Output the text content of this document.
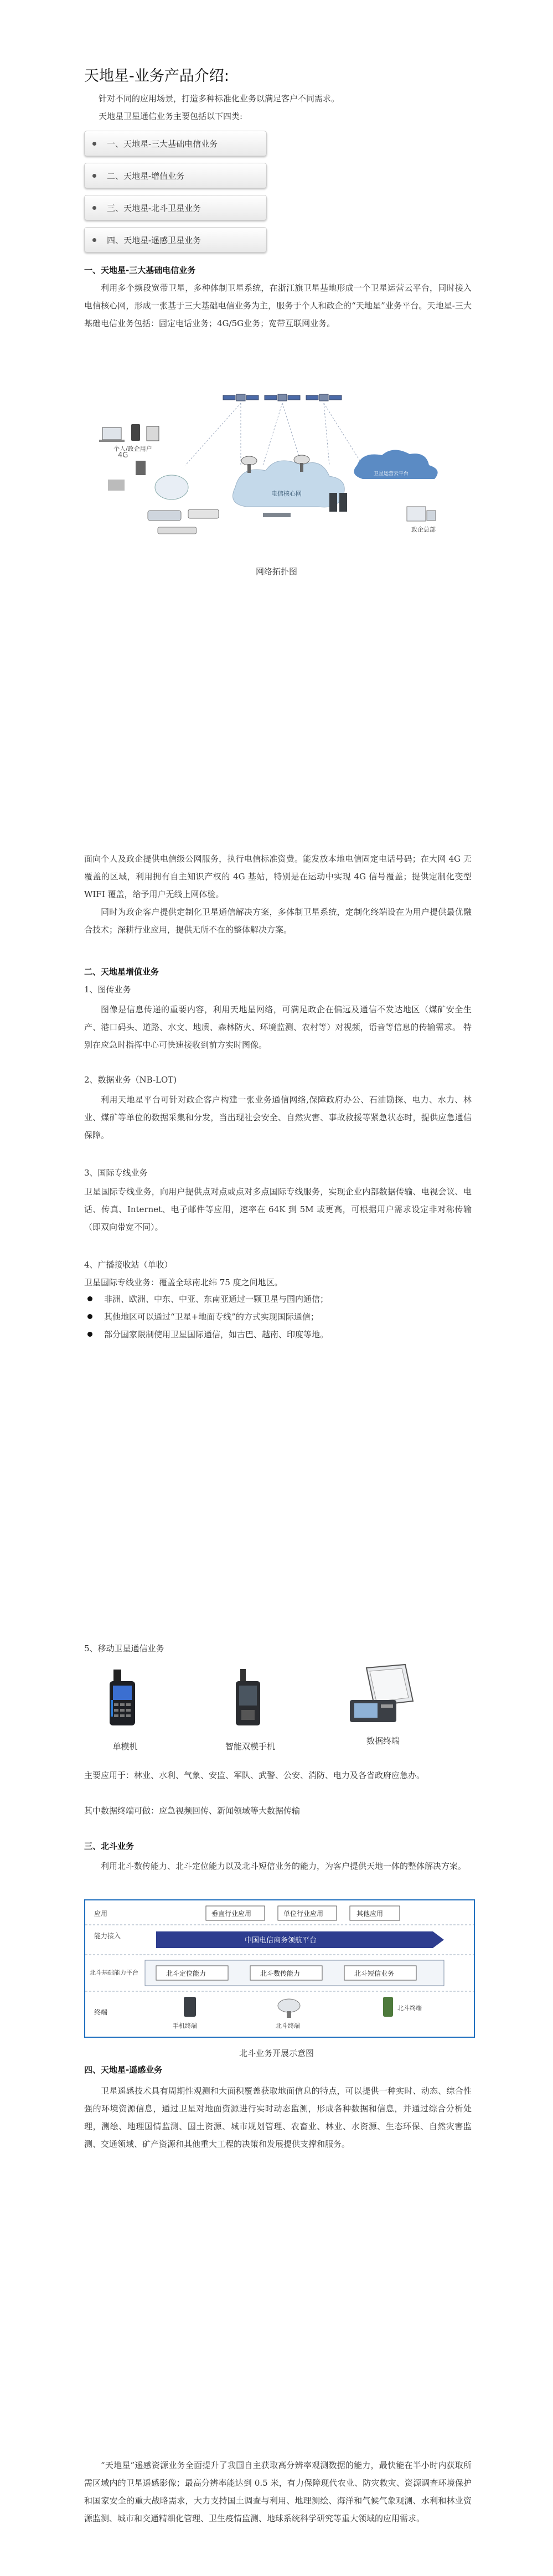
天地星-业务产品介绍:

针对不同的应用场景，打造多种标准化业务以满足客户不同需求。

天地星卫星通信业务主要包括以下四类:

一、天地星-三大基础电信业务
二、天地星-增值业务
三、天地星-北斗卫星业务
四、天地星-遥感卫星业务
一、天地星-三大基础电信业务

利用多个频段宽带卫星，多种体制卫星系统，在浙江旗卫星基地形成一个卫星运营云平台，同时接入电信核心网，形成一张基于三大基础电信业务为主，服务于个人和政企的“天地星”业务平台。天地星-三大基础电信业务包括：固定电话业务；4G/5G业务；宽带互联网业务。

4G
个人/政企用户
电信核心网
卫星运营云平台
政企总部
网络拓扑图

面向个人及政企提供电信级公网服务，执行电信标准资费。能发放本地电信固定电话号码；在大网 4G 无覆盖的区域，利用拥有自主知识产权的 4G 基站，特别是在运动中实现 4G 信号覆盖；提供定制化变型 WIFI 覆盖，给予用户无线上网体验。

同时为政企客户提供定制化卫星通信解决方案，多体制卫星系统，定制化终端设在为用户提供最优融合技术；深耕行业应用，提供无所不在的整体解决方案。

二、天地星增值业务

1、图传业务

图像是信息传递的重要内容，利用天地星网络，可满足政企在偏远及通信不发达地区（煤矿安全生产、港口码头、道路、水文、地质、森林防火、环境监测、农村等）对视频，语音等信息的传输需求。 特别在应急时指挥中心可快速接收到前方实时图像。

2、数据业务（NB-LOT)

利用天地星平台可针对政企客户构建一张业务通信网络,保障政府办公、石油勘探、电力、水力、林业、煤矿等单位的数据采集和分发，当出现社会安全、自然灾害、事故救援等紧急状态时，提供应急通信保障。

3、国际专线业务

卫星国际专线业务，向用户提供点对点或点对多点国际专线服务，实现企业内部数据传输、电视会议、电话、传真、Internet、电子邮件等应用，速率在 64K 到 5M 或更高，可根据用户需求设定非对称传输（即双向带宽不同）。

4、广播接收站（单收）

卫星国际专线业务：覆盖全球南北纬 75 度之间地区。

非洲、欧洲、中东、中亚、东南亚通过一颗卫星与国内通信；
其他地区可以通过“卫星+地面专线”的方式实现国际通信；
部分国家限制使用卫星国际通信，如古巴、越南、印度等地。

5、移动卫星通信业务

单模机	智能双模手机
数据终端

主要应用于：林业、水利、气象、安监、军队、武警、公安、消防、电力及各省政府应急办。

其中数据终端可做：应急视频回传、新闻领域等大数据传输

三、北斗业务

利用北斗数传能力、北斗定位能力以及北斗短信业务的能力，为客户提供天地一体的整体解决方案。

应用
能力接入
北斗基础能力平台
终端
垂直行业应用	单位行业应用	其他应用
中国电信商务领航平台
北斗定位能力	北斗数传能力	北斗短信业务
手机终端	北斗终端
北斗终端
北斗业务开展示意图
四、天地星-遥感业务

卫星遥感技术具有周期性观测和大面积覆盖获取地面信息的特点，可以提供一种实时、动态、综合性强的环境资源信息，通过卫星对地面资源进行实时动态监测，形成各种数据和信息，并通过综合分析处理，测绘、地理国情监测、国土资源、城市规划管理、农畜业、林业、水资源、生态环保、自然灾害监测、交通领域、矿产资源和其他重大工程的决策和发展提供支撑和服务。

“天地星”遥感资源业务全面提升了我国自主获取高分辨率观测数据的能力，最快能在半小时内获取所需区域内的卫星遥感影像；最高分辨率能达到 0.5 米，有力保障现代农业、防灾救灾、资源调查环境保护和国家安全的重大战略需求，大力支持国土调查与利用、地理测绘、海洋和气候气象观测、水利和林业资源监测、城市和交通精细化管理、卫生疫情监测、地球系统科学研究等重大领域的应用需求。
